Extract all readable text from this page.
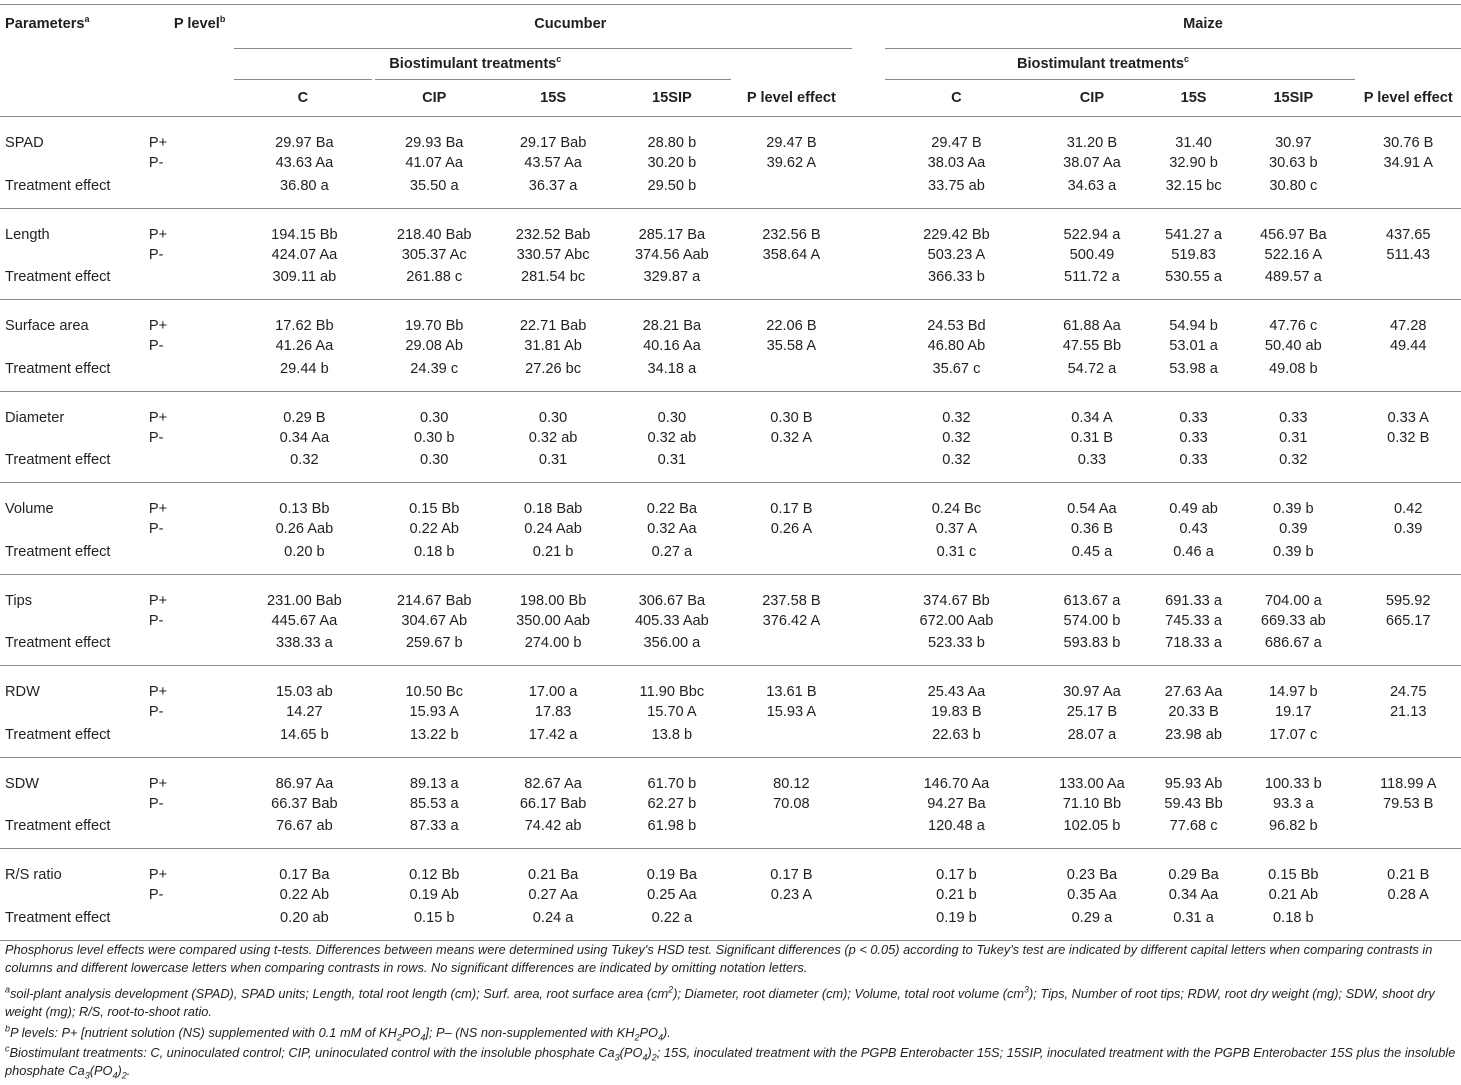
Parameters$^a$	P level$^b$	Cucumber						Maize				

		Biostimulant treatments$^c$						Biostimulant treatments$^c$

		C	CIP	15S	15SIP	P level effect		C	CIP	15S	15SIP	P level effect

SPAD	P+	29.97 Ba	29.93 Ba	29.17 Bab	28.80 b	29.47 B		29.47 B	31.20 B	31.40	30.97	30.76 B
	P-	43.63 Aa	41.07 Aa	43.57 Aa	30.20 b	39.62 A		38.03 Aa	38.07 Aa	32.90 b	30.63 b	34.91 A
Treatment effect		36.80 a	35.50 a	36.37 a	29.50 b			33.75 ab	34.63 a	32.15 bc	30.80 c	
Length	P+	194.15 Bb	218.40 Bab	232.52 Bab	285.17 Ba	232.56 B		229.42 Bb	522.94 a	541.27 a	456.97 Ba	437.65
	P-	424.07 Aa	305.37 Ac	330.57 Abc	374.56 Aab	358.64 A		503.23 A	500.49	519.83	522.16 A	511.43
Treatment effect		309.11 ab	261.88 c	281.54 bc	329.87 a			366.33 b	511.72 a	530.55 a	489.57 a	
Surface area	P+	17.62 Bb	19.70 Bb	22.71 Bab	28.21 Ba	22.06 B		24.53 Bd	61.88 Aa	54.94 b	47.76 c	47.28
	P-	41.26 Aa	29.08 Ab	31.81 Ab	40.16 Aa	35.58 A		46.80 Ab	47.55 Bb	53.01 a	50.40 ab	49.44
Treatment effect		29.44 b	24.39 c	27.26 bc	34.18 a			35.67 c	54.72 a	53.98 a	49.08 b	
Diameter	P+	0.29 B	0.30	0.30	0.30	0.30 B		0.32	0.34 A	0.33	0.33	0.33 A
	P-	0.34 Aa	0.30 b	0.32 ab	0.32 ab	0.32 A		0.32	0.31 B	0.33	0.31	0.32 B
Treatment effect		0.32	0.30	0.31	0.31			0.32	0.33	0.33	0.32	
Volume	P+	0.13 Bb	0.15 Bb	0.18 Bab	0.22 Ba	0.17 B		0.24 Bc	0.54 Aa	0.49 ab	0.39 b	0.42
	P-	0.26 Aab	0.22 Ab	0.24 Aab	0.32 Aa	0.26 A		0.37 A	0.36 B	0.43	0.39	0.39
Treatment effect		0.20 b	0.18 b	0.21 b	0.27 a			0.31 c	0.45 a	0.46 a	0.39 b	
Tips	P+	231.00 Bab	214.67 Bab	198.00 Bb	306.67 Ba	237.58 B		374.67 Bb	613.67 a	691.33 a	704.00 a	595.92
	P-	445.67 Aa	304.67 Ab	350.00 Aab	405.33 Aab	376.42 A		672.00 Aab	574.00 b	745.33 a	669.33 ab	665.17
Treatment effect		338.33 a	259.67 b	274.00 b	356.00 a			523.33 b	593.83 b	718.33 a	686.67 a	
RDW	P+	15.03 ab	10.50 Bc	17.00 a	11.90 Bbc	13.61 B		25.43 Aa	30.97 Aa	27.63 Aa	14.97 b	24.75
	P-	14.27	15.93 A	17.83	15.70 A	15.93 A		19.83 B	25.17 B	20.33 B	19.17	21.13
Treatment effect		14.65 b	13.22 b	17.42 a	13.8 b			22.63 b	28.07 a	23.98 ab	17.07 c	
SDW	P+	86.97 Aa	89.13 a	82.67 Aa	61.70 b	80.12		146.70 Aa	133.00 Aa	95.93 Ab	100.33 b	118.99 A
	P-	66.37 Bab	85.53 a	66.17 Bab	62.27 b	70.08		94.27 Ba	71.10 Bb	59.43 Bb	93.3 a	79.53 B
Treatment effect		76.67 ab	87.33 a	74.42 ab	61.98 b			120.48 a	102.05 b	77.68 c	96.82 b	
R/S ratio	P+	0.17 Ba	0.12 Bb	0.21 Ba	0.19 Ba	0.17 B		0.17 b	0.23 Ba	0.29 Ba	0.15 Bb	0.21 B
	P-	0.22 Ab	0.19 Ab	0.27 Aa	0.25 Aa	0.23 A		0.21 b	0.35 Aa	0.34 Aa	0.21 Ab	0.28 A
Treatment effect		0.20 ab	0.15 b	0.24 a	0.22 a			0.19 b	0.29 a	0.31 a	0.18 b	
Phosphorus level effects were compared using t-tests. Differences between means were determined using Tukey's HSD test. Significant differences (p < 0.05) according to Tukey's test are indicated by different capital letters when comparing contrasts in columns and different lowercase letters when comparing contrasts in rows. No significant differences are indicated by omitting notation letters.
$^a$soil-plant analysis development (SPAD), SPAD units; Length, total root length (cm); Surf. area, root surface area $(cm^2)$; Diameter, root diameter (cm); Volume, total root volume $(cm^3)$; Tips, Number of root tips; RDW, root dry weight (mg); SDW, shoot dry weight (mg); R/S, root-to-shoot ratio.
$^b$P levels: P+ [nutrient solution (NS) supplemented with 0.1 mM of $KH_2PO_4$]; P– (NS non-supplemented with $KH_2PO_4$).
$^c$Biostimulant treatments: C, uninoculated control; CIP, uninoculated control with the insoluble phosphate $Ca_3(PO_4)_2$; 15S, inoculated treatment with the PGPB Enterobacter 15S; 15SIP, inoculated treatment with the PGPB Enterobacter 15S plus the insoluble phosphate $Ca_3(PO_4)_2$.
